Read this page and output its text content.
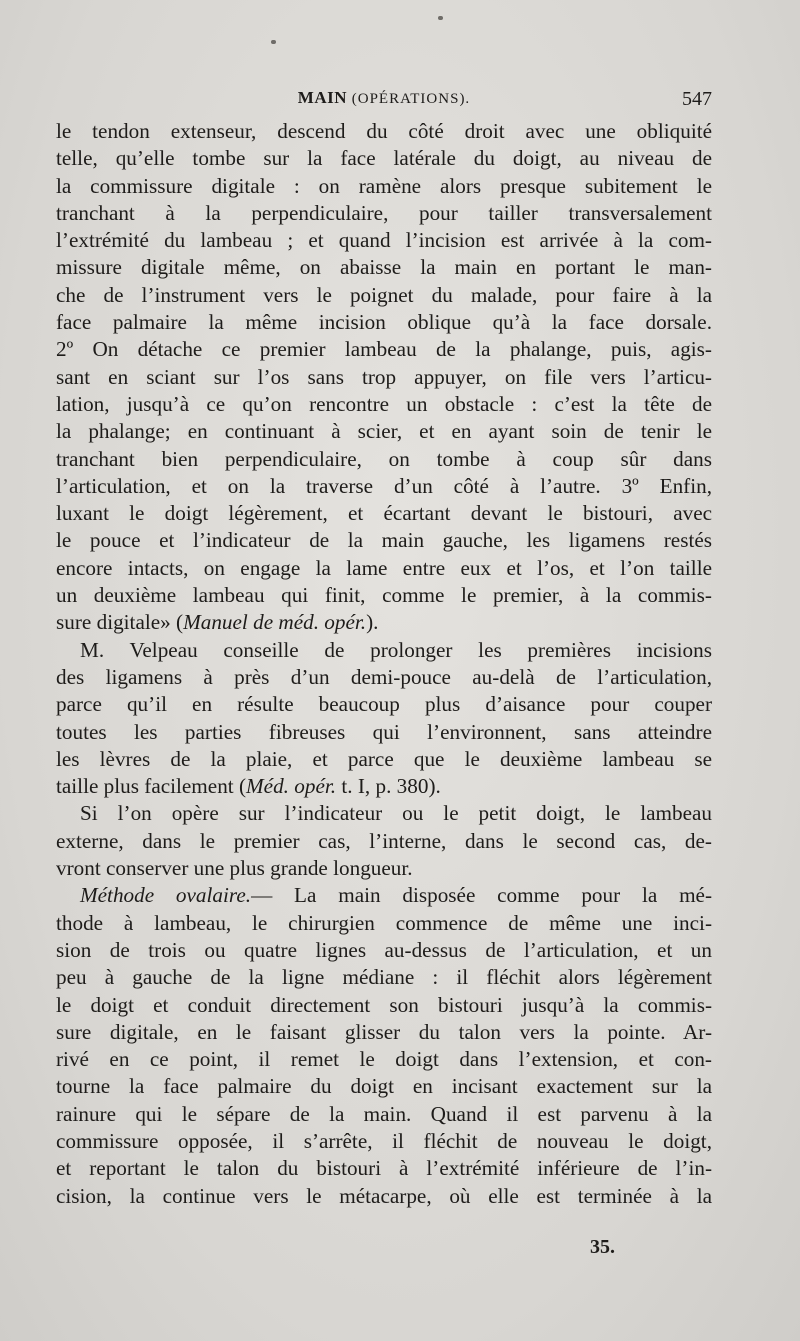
MAIN (OPÉRATIONS).	547
le tendon extenseur, descend du côté droit avec une obliquité
telle, qu’elle tombe sur la face latérale du doigt, au niveau de
la commissure digitale : on ramène alors presque subitement le
tranchant à la perpendiculaire, pour tailler transversalement
l’extrémité du lambeau ; et quand l’incision est arrivée à la com-
missure digitale même, on abaisse la main en portant le man-
che de l’instrument vers le poignet du malade, pour faire à la
face palmaire la même incision oblique qu’à la face dorsale.
2º On détache ce premier lambeau de la phalange, puis, agis-
sant en sciant sur l’os sans trop appuyer, on file vers l’articu-
lation, jusqu’à ce qu’on rencontre un obstacle : c’est la tête de
la phalange; en continuant à scier, et en ayant soin de tenir le
tranchant bien perpendiculaire, on tombe à coup sûr dans
l’articulation, et on la traverse d’un côté à l’autre. 3º Enfin,
luxant le doigt légèrement, et écartant devant le bistouri, avec
le pouce et l’indicateur de la main gauche, les ligamens restés
encore intacts, on engage la lame entre eux et l’os, et l’on taille
un deuxième lambeau qui finit, comme le premier, à la commis-
sure digitale» (Manuel de méd. opér.).
M. Velpeau conseille de prolonger les premières incisions
des ligamens à près d’un demi-pouce au-delà de l’articulation,
parce qu’il en résulte beaucoup plus d’aisance pour couper
toutes les parties fibreuses qui l’environnent, sans atteindre
les lèvres de la plaie, et parce que le deuxième lambeau se
taille plus facilement (Méd. opér. t. I, p. 380).
Si l’on opère sur l’indicateur ou le petit doigt, le lambeau
externe, dans le premier cas, l’interne, dans le second cas, de-
vront conserver une plus grande longueur.
Méthode ovalaire.— La main disposée comme pour la mé-
thode à lambeau, le chirurgien commence de même une inci-
sion de trois ou quatre lignes au-dessus de l’articulation, et un
peu à gauche de la ligne médiane : il fléchit alors légèrement
le doigt et conduit directement son bistouri jusqu’à la commis-
sure digitale, en le faisant glisser du talon vers la pointe. Ar-
rivé en ce point, il remet le doigt dans l’extension, et con-
tourne la face palmaire du doigt en incisant exactement sur la
rainure qui le sépare de la main. Quand il est parvenu à la
commissure opposée, il s’arrête, il fléchit de nouveau le doigt,
et reportant le talon du bistouri à l’extrémité inférieure de l’in-
cision, la continue vers le métacarpe, où elle est terminée à la
35.
